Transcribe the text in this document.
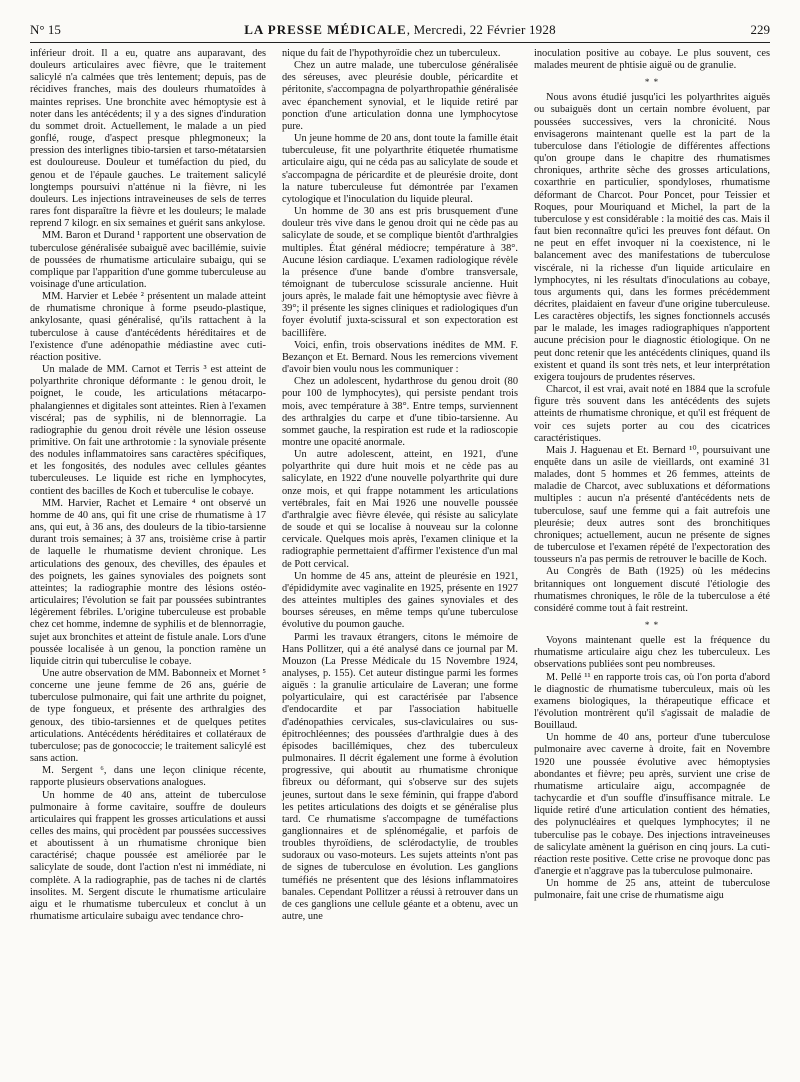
N° 15	LA PRESSE MÉDICALE, Mercredi, 22 Février 1928	229

inférieur droit. Il a eu, quatre ans auparavant, des douleurs articulaires avec fièvre, que le traitement salicylé n'a calmées que très lentement; depuis, pas de récidives franches, mais des douleurs rhumatoïdes à maintes reprises. Une bronchite avec hémoptysie est à noter dans les antécédents; il y a des signes d'induration du sommet droit. Actuellement, le malade a un pied gonflé, rouge, d'aspect presque phlegmoneux; la pression des interlignes tibio-tarsien et tarso-métatarsien est douloureuse. Douleur et tuméfaction du pied, du genou et de l'épaule gauches. Le traitement salicylé longtemps poursuivi n'atténue ni la fièvre, ni les douleurs. Les injections intraveineuses de sels de terres rares font disparaître la fièvre et les douleurs; le malade reprend 7 kilogr. en six semaines et guérit sans ankylose.

MM. Baron et Durand ¹ rapportent une observation de tuberculose généralisée subaiguë avec bacillémie, suivie de poussées de rhumatisme articulaire subaigu, qui se complique par l'apparition d'une gomme tuberculeuse au voisinage d'une articulation.

MM. Harvier et Lebée ² présentent un malade atteint de rhumatisme chronique à forme pseudo-plastique, ankylosante, quasi généralisé, qu'ils rattachent à la tuberculose à cause d'antécédents héréditaires et de l'existence d'une adénopathie médiastine avec cuti-réaction positive.

Un malade de MM. Carnot et Terris ³ est atteint de polyarthrite chronique déformante : le genou droit, le poignet, le coude, les articulations métacarpo-phalangiennes et digitales sont atteintes. Rien à l'examen viscéral; pas de syphilis, ni de blennorragie. La radiographie du genou droit révèle une lésion osseuse primitive. On fait une arthrotomie : la synoviale présente des nodules inflammatoires sans caractères spécifiques, et les fongosités, des nodules avec cellules géantes tuberculeuses. Le liquide est riche en lymphocytes, contient des bacilles de Koch et tuberculise le cobaye.

MM. Harvier, Rachet et Lemaire ⁴ ont observé un homme de 40 ans, qui fit une crise de rhumatisme à 17 ans, qui eut, à 36 ans, des douleurs de la tibio-tarsienne durant trois semaines; à 37 ans, troisième crise à partir de laquelle le rhumatisme devient chronique. Les articulations des genoux, des chevilles, des épaules et des poignets, les gaines synoviales des poignets sont atteintes; la radiographie montre des lésions ostéo-articulaires; l'évolution se fait par poussées subintrantes légèrement fébriles. L'origine tuberculeuse est probable chez cet homme, indemne de syphilis et de blennorragie, sujet aux bronchites et atteint de fistule anale. Lors d'une poussée localisée à un genou, la ponction ramène un liquide citrin qui tuberculise le cobaye.

Une autre observation de MM. Babonneix et Mornet ⁵ concerne une jeune femme de 26 ans, guérie de tuberculose pulmonaire, qui fait une arthrite du poignet, de type fongueux, et présente des arthralgies des genoux, des tibio-tarsiennes et de quelques petites articulations. Antécédents héréditaires et collatéraux de tuberculose; pas de gonococcie; le traitement salicylé est sans action.

M. Sergent ⁶, dans une leçon clinique récente, rapporte plusieurs observations analogues.

Un homme de 40 ans, atteint de tuberculose pulmonaire à forme cavitaire, souffre de douleurs articulaires qui frappent les grosses articulations et aussi celles des mains, qui procèdent par poussées successives et aboutissent à un rhumatisme chronique bien caractérisé; chaque poussée est améliorée par le salicylate de soude, dont l'action n'est ni immédiate, ni complète. A la radiographie, pas de taches ni de clartés insolites. M. Sergent discute le rhumatisme articulaire aigu et le rhumatisme tuberculeux et conclut à un rhumatisme articulaire subaigu avec tendance chro-

nique du fait de l'hypothyroïdie chez un tuberculeux.

Chez un autre malade, une tuberculose généralisée des séreuses, avec pleurésie double, péricardite et péritonite, s'accompagna de polyarthropathie généralisée avec épanchement synovial, et le liquide retiré par ponction d'une articulation donna une lymphocytose pure.

Un jeune homme de 20 ans, dont toute la famille était tuberculeuse, fit une polyarthrite étiquetée rhumatisme articulaire aigu, qui ne céda pas au salicylate de soude et s'accompagna de péricardite et de pleurésie droite, dont la nature tuberculeuse fut démontrée par l'examen cytologique et l'inoculation du liquide pleural.

Un homme de 30 ans est pris brusquement d'une douleur très vive dans le genou droit qui ne cède pas au salicylate de soude, et se complique bientôt d'arthralgies multiples. État général médiocre; température à 38°. Aucune lésion cardiaque. L'examen radiologique révèle la présence d'une bande d'ombre transversale, témoignant de tuberculose scissurale ancienne. Huit jours après, le malade fait une hémoptysie avec fièvre à 39°; il présente les signes cliniques et radiologiques d'un foyer évolutif juxta-scissural et son expectoration est bacillifère.

Voici, enfin, trois observations inédites de MM. F. Bezançon et Et. Bernard. Nous les remercions vivement d'avoir bien voulu nous les communiquer :

Chez un adolescent, hydarthrose du genou droit (80 pour 100 de lymphocytes), qui persiste pendant trois mois, avec température à 38°. Entre temps, surviennent des arthralgies du carpe et d'une tibio-tarsienne. Au sommet gauche, la respiration est rude et la radioscopie montre une opacité anormale.

Un autre adolescent, atteint, en 1921, d'une polyarthrite qui dure huit mois et ne cède pas au salicylate, en 1922 d'une nouvelle polyarthrite qui dure onze mois, et qui frappe notamment les articulations vertébrales, fait en Mai 1926 une nouvelle poussée d'arthralgie avec fièvre élevée, qui résiste au salicylate de soude et qui se localise à nouveau sur la colonne cervicale. Quelques mois après, l'examen clinique et la radiographie permettaient d'affirmer l'existence d'un mal de Pott cervical.

Un homme de 45 ans, atteint de pleurésie en 1921, d'épididymite avec vaginalite en 1925, présente en 1927 des atteintes multiples des gaines synoviales et des bourses séreuses, en même temps qu'une tuberculose évolutive du poumon gauche.

Parmi les travaux étrangers, citons le mémoire de Hans Pollitzer, qui a été analysé dans ce journal par M. Mouzon (La Presse Médicale du 15 Novembre 1924, analyses, p. 155). Cet auteur distingue parmi les formes aiguës : la granulie articulaire de Laveran; une forme polyarticulaire, qui est caractérisée par l'absence d'endocardite et par l'association habituelle d'adénopathies cervicales, sus-claviculaires ou sus-épitrochléennes; des poussées d'arthralgie dues à des épisodes bacillémiques, chez des tuberculeux pulmonaires. Il décrit également une forme à évolution progressive, qui aboutit au rhumatisme chronique fibreux ou déformant, qui s'observe sur des sujets jeunes, surtout dans le sexe féminin, qui frappe d'abord les petites articulations des doigts et se généralise plus tard. Ce rhumatisme s'accompagne de tuméfactions ganglionnaires et de splénomégalie, et parfois de troubles thyroïdiens, de sclérodactylie, de troubles sudoraux ou vaso-moteurs. Les sujets atteints n'ont pas de signes de tuberculose en évolution. Les ganglions tuméfiés ne présentent que des lésions inflammatoires banales. Cependant Pollitzer a réussi à retrouver dans un de ces ganglions une cellule géante et a obtenu, avec un autre, une

inoculation positive au cobaye. Le plus souvent, ces malades meurent de phtisie aiguë ou de granulie.

* *

Nous avons étudié jusqu'ici les polyarthrites aiguës ou subaiguës dont un certain nombre évoluent, par poussées successives, vers la chronicité. Nous envisagerons maintenant quelle est la part de la tuberculose dans l'étiologie de différentes affections qu'on groupe dans le chapitre des rhumatismes chroniques, arthrite sèche des grosses articulations, coxarthrie en particulier, spondyloses, rhumatisme déformant de Charcot. Pour Poncet, pour Teissier et Roques, pour Mouriquand et Michel, la part de la tuberculose y est considérable : la moitié des cas. Mais il faut bien reconnaître qu'ici les preuves font défaut. On ne peut en effet invoquer ni la coexistence, ni le balancement avec des manifestations de tuberculose viscérale, ni la richesse d'un liquide articulaire en lymphocytes, ni les résultats d'inoculations au cobaye, tous arguments qui, dans les formes précédemment décrites, plaidaient en faveur d'une origine tuberculeuse. Les caractères objectifs, les signes fonctionnels accusés par le malade, les images radiographiques n'apportent aucune précision pour le diagnostic étiologique. On ne peut donc retenir que les antécédents cliniques, quand ils existent et quand ils sont très nets, et leur interprétation exigera toujours de prudentes réserves.

Charcot, il est vrai, avait noté en 1884 que la scrofule figure très souvent dans les antécédents des sujets atteints de rhumatisme chronique, et qu'il est fréquent de voir ces sujets porter au cou des cicatrices caractéristiques.

Mais J. Haguenau et Et. Bernard ¹⁰, poursuivant une enquête dans un asile de vieillards, ont examiné 31 malades, dont 5 hommes et 26 femmes, atteints de maladie de Charcot, avec subluxations et déformations multiples : aucun n'a présenté d'antécédents nets de tuberculose, sauf une femme qui a fait autrefois une pleurésie; deux autres sont des bronchitiques chroniques; actuellement, aucun ne présente de signes de tuberculose et l'examen répété de l'expectoration des tousseurs n'a pas permis de retrouver le bacille de Koch.

Au Congrès de Bath (1925) où les médecins britanniques ont longuement discuté l'étiologie des rhumatismes chroniques, le rôle de la tuberculose a été considéré comme tout à fait restreint.

* *

Voyons maintenant quelle est la fréquence du rhumatisme articulaire aigu chez les tuberculeux. Les observations publiées sont peu nombreuses.

M. Pellé ¹¹ en rapporte trois cas, où l'on porta d'abord le diagnostic de rhumatisme tuberculeux, mais où les examens biologiques, la thérapeutique efficace et l'évolution montrèrent qu'il s'agissait de maladie de Bouillaud.

Un homme de 40 ans, porteur d'une tuberculose pulmonaire avec caverne à droite, fait en Novembre 1920 une poussée évolutive avec hémoptysies abondantes et fièvre; peu après, survient une crise de rhumatisme articulaire aigu, accompagnée de tachycardie et d'un souffle d'insuffisance mitrale. Le liquide retiré d'une articulation contient des hématies, des polynucléaires et quelques lymphocytes; il ne tuberculise pas le cobaye. Des injections intraveineuses de salicylate amènent la guérison en cinq jours. La cuti-réaction reste positive. Cette crise ne provoque donc pas d'anergie et n'aggrave pas la tuberculose pulmonaire.

Un homme de 25 ans, atteint de tuberculose pulmonaire, fait une crise de rhumatisme aigu
